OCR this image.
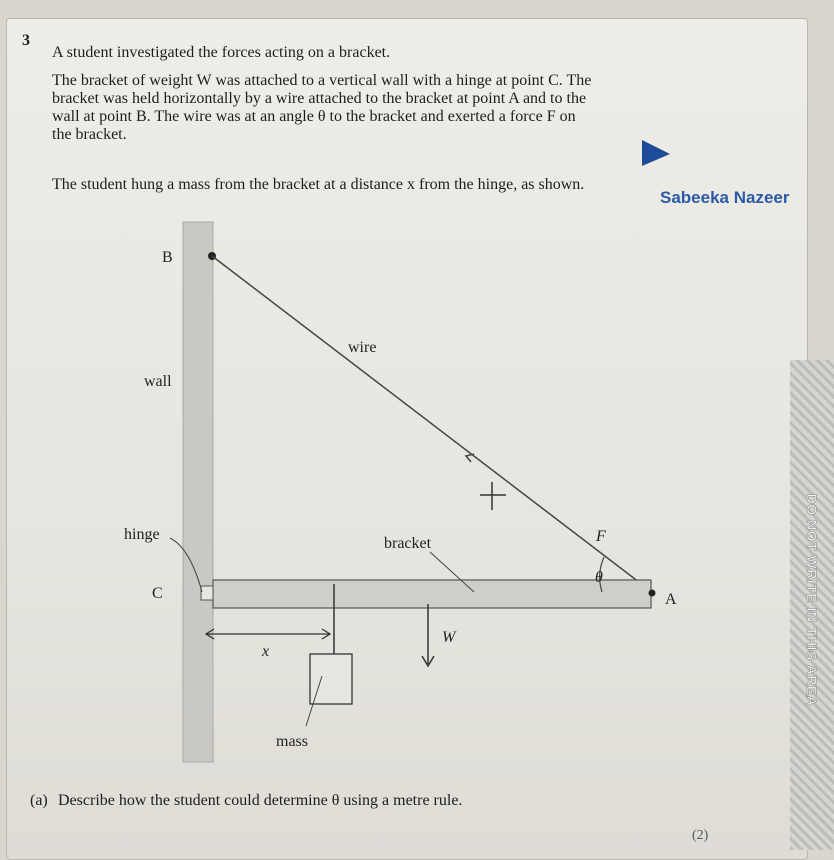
DO NOT WRITE IN THIS AREA
3
A student investigated the forces acting on a bracket.
The bracket of weight W was attached to a vertical wall with a hinge at point C. The
bracket was held horizontally by a wire attached to the bracket at point A and to the
wall at point B. The wire was at an angle θ to the bracket and exerted a force F on
the bracket.
The student hung a mass from the bracket at a distance x from the hinge, as shown.
Sabeeka Nazeer
B
wall
wire
hinge
C
bracket	F
θ
A
W
x
mass
(a) Describe how the student could determine θ using a metre rule.
(2)
